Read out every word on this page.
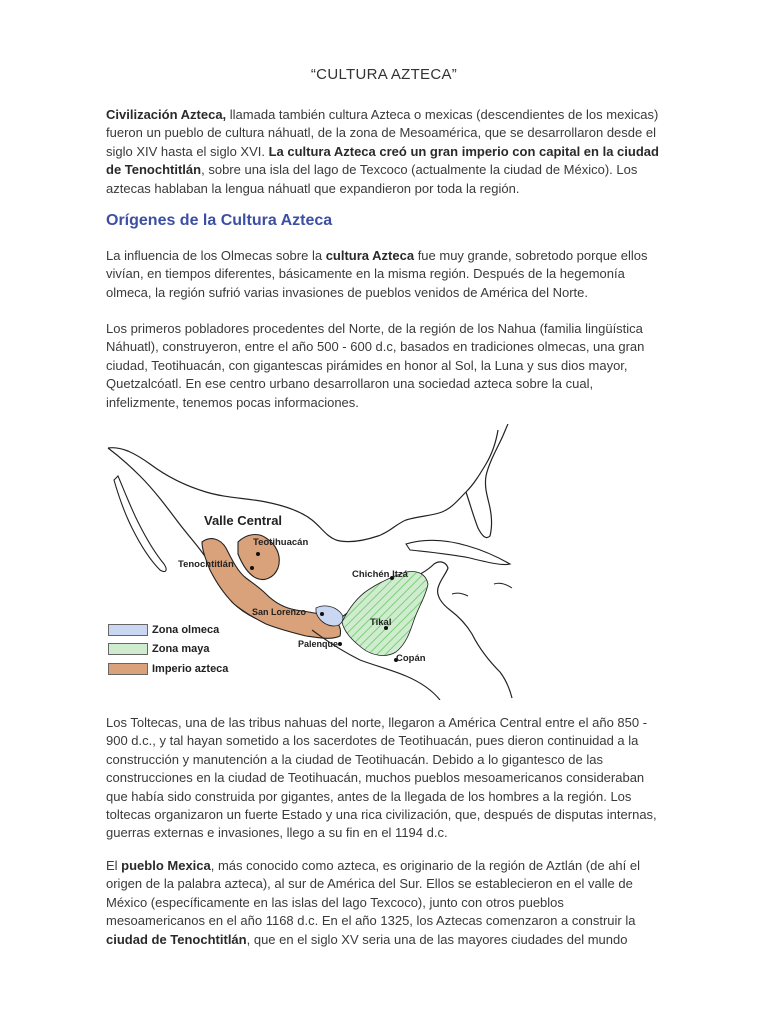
“CULTURA AZTECA”

Civilización Azteca, llamada también cultura Azteca o mexicas (descendientes de los mexicas) fueron un pueblo de cultura náhuatl, de la zona de Mesoamérica, que se desarrollaron desde el siglo XIV hasta el siglo XVI. La cultura Azteca creó un gran imperio con capital en la ciudad de Tenochtitlán, sobre una isla del lago de Texcoco (actualmente la ciudad de México). Los aztecas hablaban la lengua náhuatl que expandieron por toda la región.

Orígenes de la Cultura Azteca

La influencia de los Olmecas sobre la cultura Azteca fue muy grande, sobretodo porque ellos vivían, en tiempos diferentes, básicamente en la misma región. Después de la hegemonía olmeca, la región sufrió varias invasiones de pueblos venidos de América del Norte.

Los primeros pobladores procedentes del Norte, de la región de los Nahua (familia lingüística Náhuatl), construyeron, entre el año 500 - 600 d.c, basados en tradiciones olmecas, una gran ciudad, Teotihuacán, con gigantescas pirámides en honor al Sol, la Luna y sus dios mayor, Quetzalcóatl. En ese centro urbano desarrollaron una sociedad azteca sobre la cual, infelizmente, tenemos pocas informaciones.

Valle Central
Teotihuacán
Tenochtitlán
Chichén Itzá
San Lorenzo
Tikal
Palenque
Copán
Zona olmeca
Zona maya
Imperio azteca

Los Toltecas, una de las tribus nahuas del norte, llegaron a América Central entre el año 850 - 900 d.c., y tal hayan sometido a los sacerdotes de Teotihuacán, pues dieron continuidad a la construcción y manutención a la ciudad de Teotihuacán. Debido a lo gigantesco de las construcciones en la ciudad de Teotihuacán, muchos pueblos mesoamericanos consideraban que había sido construida por gigantes, antes de la llegada de los hombres a la región. Los toltecas organizaron un fuerte Estado y una rica civilización, que, después de disputas internas, guerras externas e invasiones, llego a su fin en el 1194 d.c.

El pueblo Mexica, más conocido como azteca, es originario de la región de Aztlán (de ahí el origen de la palabra azteca), al sur de América del Sur. Ellos se establecieron en el valle de México (específicamente en las islas del lago Texcoco), junto con otros pueblos mesoamericanos en el año 1168 d.c. En el año 1325, los Aztecas comenzaron a construir la ciudad de Tenochtitlán, que en el siglo XV seria una de las mayores ciudades del mundo
